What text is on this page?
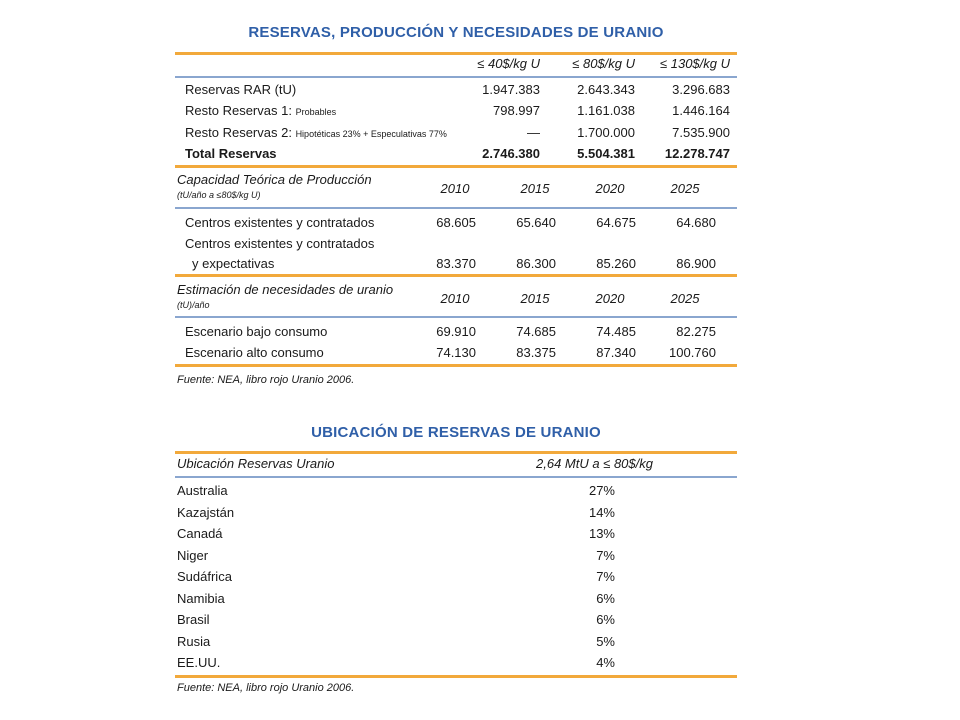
RESERVAS, PRODUCCIÓN Y NECESIDADES DE URANIO
≤ 40$/kg U	≤ 80$/kg U	≤ 130$/kg U
Reservas RAR (tU)	1.947.383	2.643.343	3.296.683
Resto Reservas 1: Probables	798.997	1.161.038	1.446.164
Resto Reservas 2: Hipotéticas 23% + Especulativas 77%	—	1.700.000	7.535.900
Total Reservas	2.746.380	5.504.381	12.278.747
Capacidad Teórica de Producción
(tU/año a ≤80$/kg U)	2010	2015	2020	2025
Centros existentes y contratados	68.605	65.640	64.675	64.680
Centros existentes y contratados
y expectativas	83.370	86.300	85.260	86.900
Estimación de necesidades de uranio
(tU)/año	2010	2015	2020	2025
Escenario bajo consumo	69.910	74.685	74.485	82.275
Escenario alto consumo	74.130	83.375	87.340	100.760
Fuente: NEA, libro rojo Uranio 2006.
UBICACIÓN DE RESERVAS DE URANIO
Ubicación Reservas Uranio	2,64 MtU a ≤ 80$/kg
Australia	27%
Kazajstán	14%
Canadá	13%
Niger	7%
Sudáfrica	7%
Namibia	6%
Brasil	6%
Rusia	5%
EE.UU.	4%
Fuente: NEA, libro rojo Uranio 2006.
